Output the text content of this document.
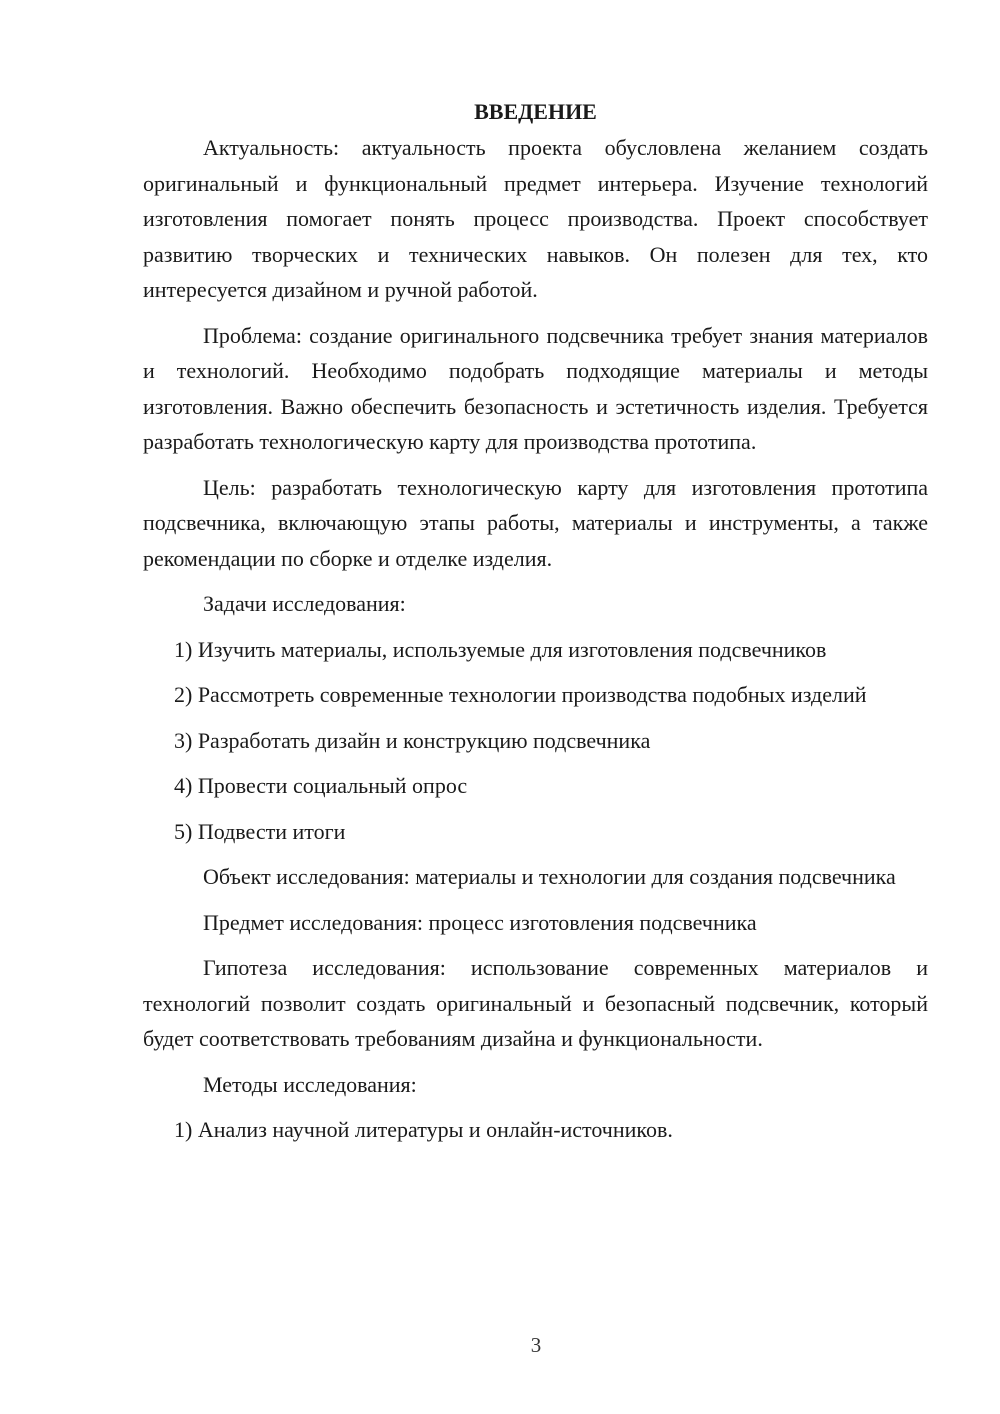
ВВЕДЕНИЕ

Актуальность: актуальность проекта обусловлена желанием создать оригинальный и функциональный предмет интерьера. Изучение технологий изготовления помогает понять процесс производства. Проект способствует развитию творческих и технических навыков. Он полезен для тех, кто интересуется дизайном и ручной работой.

Проблема: создание оригинального подсвечника требует знания материалов и технологий. Необходимо подобрать подходящие материалы и методы изготовления. Важно обеспечить безопасность и эстетичность изделия. Требуется разработать технологическую карту для производства прототипа.

Цель: разработать технологическую карту для изготовления прототипа подсвечника, включающую этапы работы, материалы и инструменты, а также рекомендации по сборке и отделке изделия.

Задачи исследования:

1) Изучить материалы, используемые для изготовления подсвечников

2) Рассмотреть современные технологии производства подобных изделий

3) Разработать дизайн и конструкцию подсвечника

4) Провести социальный опрос

5) Подвести итоги

Объект исследования: материалы и технологии для создания подсвечника

Предмет исследования: процесс изготовления подсвечника

Гипотеза исследования: использование современных материалов и технологий позволит создать оригинальный и безопасный подсвечник, который будет соответствовать требованиям дизайна и функциональности.

Методы исследования:

1) Анализ научной литературы и онлайн-источников.

3
